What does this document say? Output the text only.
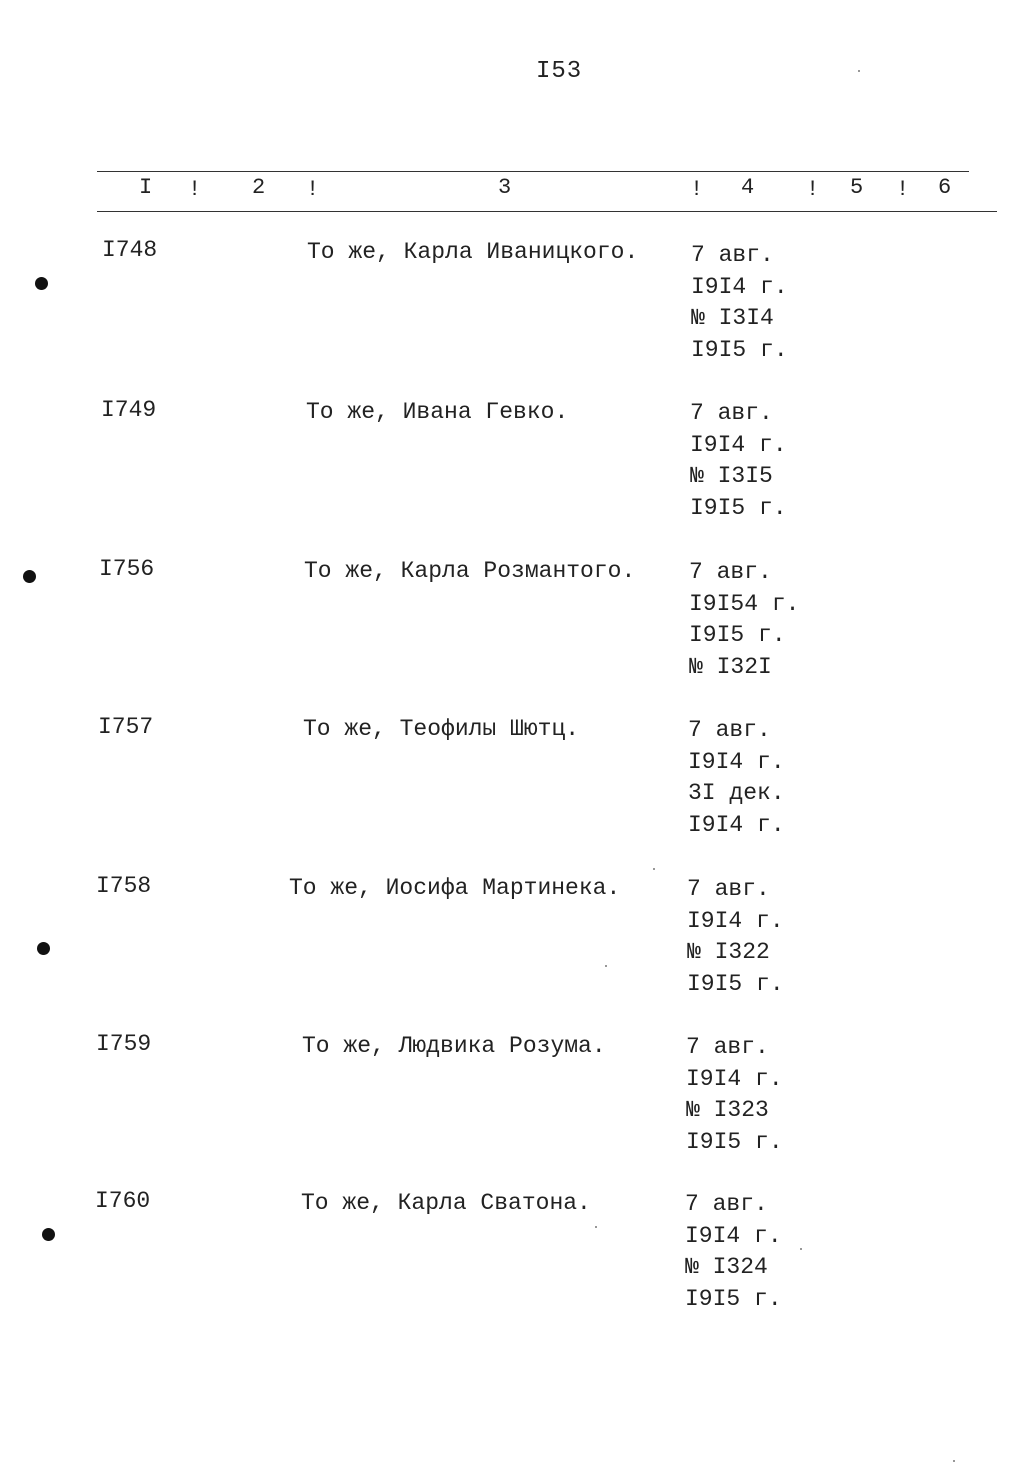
I53
I ! 2 !	3	! 4 ! 5 ! 6
I748	То же, Карла Иваницкого. 7 авг.
I9I4 г.
№ I3I4
I9I5 г.
I749	То же, Ивана Гевко.	7 авг.
I9I4 г.
№ I3I5
I9I5 г.
I756	То же, Карла Розмантого. 7 авг.
I9I54 г.
I9I5 г.
№ I32I
I757	То же, Теофилы Шютц.	7 авг.
I9I4 г.
3I дек.
I9I4 г.
I758	То же, Иосифа Мартинека.	7 авг.
I9I4 г.
№ I322
I9I5 г.
I759	То же, Людвика Розума.	7 авг.
I9I4 г.
№ I323
I9I5 г.
I760	То же, Карла Сватона.	7 авг.
I9I4 г.
№ I324
I9I5 г.
